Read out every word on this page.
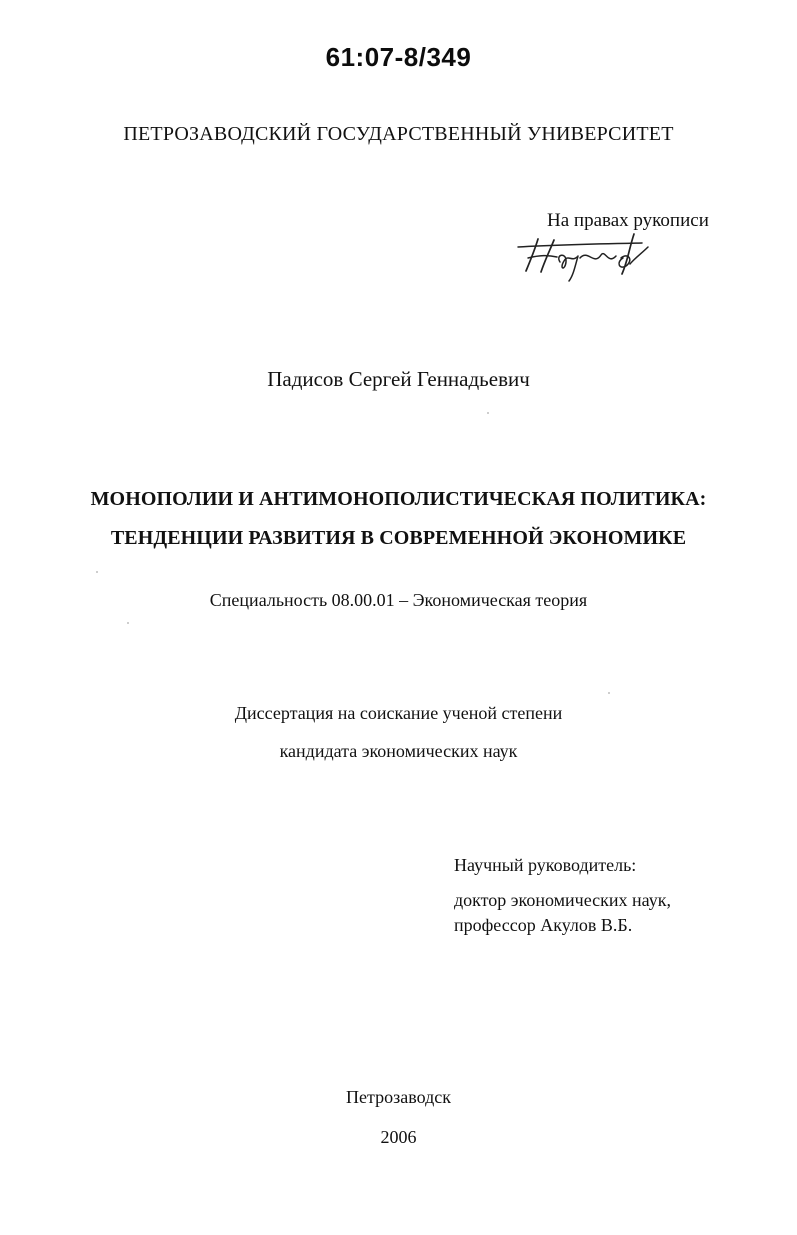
61:07-8/349
ПЕТРОЗАВОДСКИЙ ГОСУДАРСТВЕННЫЙ УНИВЕРСИТЕТ
На правах рукописи
Падисов Сергей Геннадьевич
МОНОПОЛИИ И АНТИМОНОПОЛИСТИЧЕСКАЯ ПОЛИТИКА:
ТЕНДЕНЦИИ РАЗВИТИЯ В СОВРЕМЕННОЙ ЭКОНОМИКЕ
Специальность 08.00.01 – Экономическая теория
Диссертация на соискание ученой степени
кандидата экономических наук
Научный руководитель:
доктор экономических наук,
профессор Акулов В.Б.
Петрозаводск
2006
